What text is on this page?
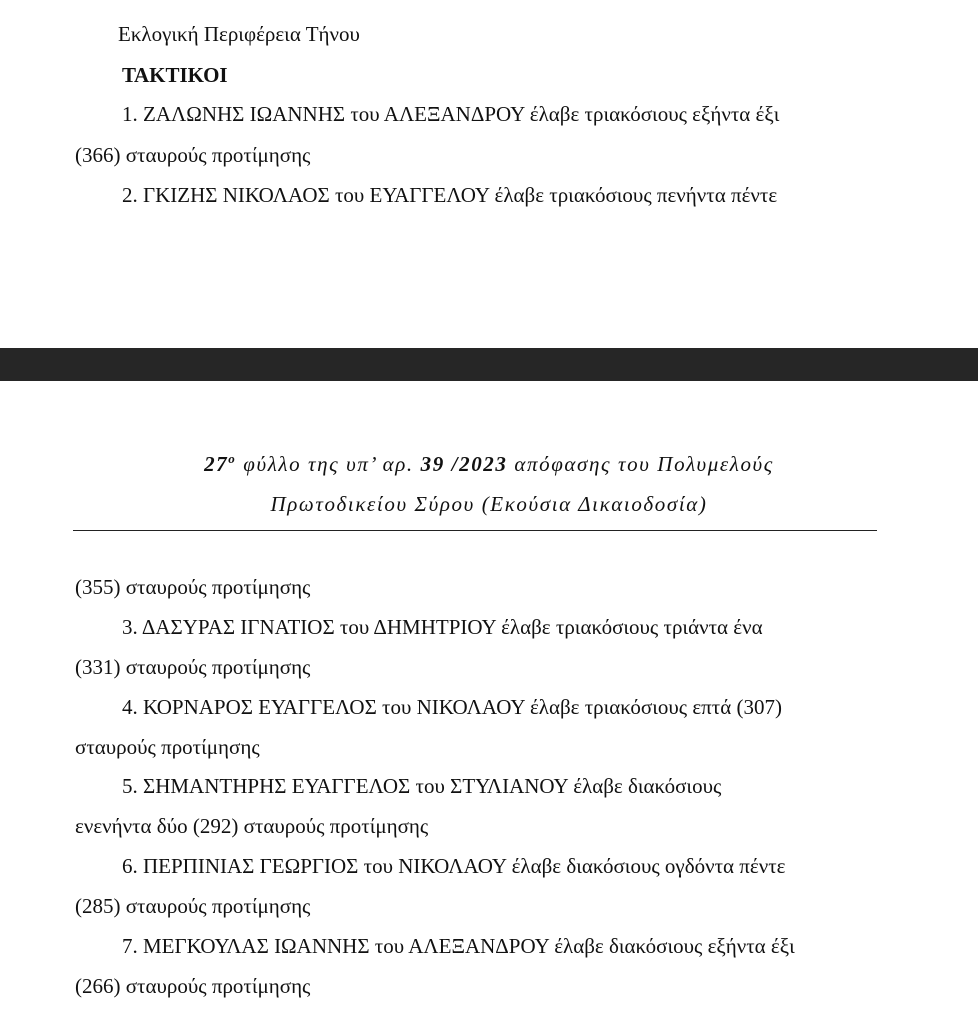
Εκλογική Περιφέρεια Τήνου
ΤΑΚΤΙΚΟΙ
1. ΖΑΛΩΝΗΣ ΙΩΑΝΝΗΣ του ΑΛΕΞΑΝΔΡΟΥ έλαβε τριακόσιους εξήντα έξι
(366) σταυρούς προτίμησης
2. ΓΚΙΖΗΣ ΝΙΚΟΛΑΟΣ του ΕΥΑΓΓΕΛΟΥ έλαβε τριακόσιους πενήντα πέντε
$27^o$ φύλλο της υπ’ αρ. 39 /2023 απόφασης του Πολυμελούς
Πρωτοδικείου Σύρου (Εκούσια Δικαιοδοσία)
(355) σταυρούς προτίμησης
3. ΔΑΣΥΡΑΣ ΙΓΝΑΤΙΟΣ του ΔΗΜΗΤΡΙΟΥ έλαβε τριακόσιους τριάντα ένα
(331) σταυρούς προτίμησης
4. ΚΟΡΝΑΡΟΣ ΕΥΑΓΓΕΛΟΣ του ΝΙΚΟΛΑΟΥ έλαβε τριακόσιους επτά (307)
σταυρούς προτίμησης
5. ΣΗΜΑΝΤΗΡΗΣ ΕΥΑΓΓΕΛΟΣ του ΣΤΥΛΙΑΝΟΥ έλαβε διακόσιους
ενενήντα δύο (292) σταυρούς προτίμησης
6. ΠΕΡΠΙΝΙΑΣ ΓΕΩΡΓΙΟΣ του ΝΙΚΟΛΑΟΥ έλαβε διακόσιους ογδόντα πέντε
(285) σταυρούς προτίμησης
7. ΜΕΓΚΟΥΛΑΣ ΙΩΑΝΝΗΣ του ΑΛΕΞΑΝΔΡΟΥ έλαβε διακόσιους εξήντα έξι
(266) σταυρούς προτίμησης
